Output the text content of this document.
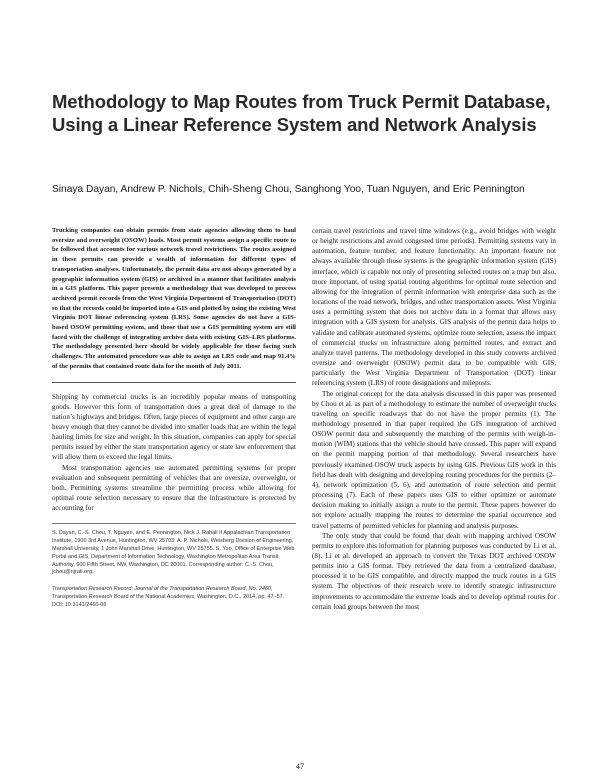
Methodology to Map Routes from Truck Permit Database, Using a Linear Reference System and Network Analysis

Sinaya Dayan, Andrew P. Nichols, Chih-Sheng Chou, Sanghong Yoo, Tuan Nguyen, and Eric Pennington

Trucking companies can obtain permits from state agencies allowing them to haul oversize and overweight (OSOW) loads. Most permit systems assign a specific route to be followed that accounts for various network travel restrictions. The routes assigned in these permits can provide a wealth of information for different types of transportation analyses. Unfortunately, the permit data are not always generated by a geographic information system (GIS) or archived in a manner that facilitates analysis in a GIS platform. This paper presents a methodology that was developed to process archived permit records from the West Virginia Department of Transportation (DOT) so that the records could be imported into a GIS and plotted by using the existing West Virginia DOT linear referencing system (LRS). Some agencies do not have a GIS-based OSOW permitting system, and those that use a GIS permitting system are still faced with the challenge of integrating archive data with existing GIS–LRS platforms. The methodology presented here should be widely applicable for those facing such challenges. The automated procedure was able to assign an LRS code and map 91.4% of the permits that contained route data for the month of July 2011.

Shipping by commercial trucks is an incredibly popular means of transporting goods. However this form of transportation does a great deal of damage to the nation’s highways and bridges. Often, large pieces of equipment and other cargo are heavy enough that they cannot be divided into smaller loads that are within the legal hauling limits for size and weight. In this situation, companies can apply for special permits issued by either the state transportation agency or state law enforcement that will allow them to exceed the legal limits.

Most transportation agencies use automated permitting systems for proper evaluation and subsequent permitting of vehicles that are oversize, overweight, or both. Permitting systems streamline the permitting process while allowing for optimal route selection necessary to ensure that the infrastructure is protected by accounting for

S. Dayan, C.-S. Chou, T. Nguyen, and E. Pennington, Nick J. Rahall II Appalachian Transportation Institute, 1900 3rd Avenue, Huntington, WV 25703. A. P. Nichols, Weisberg Division of Engineering, Marshall University, 1 John Marshall Drive, Huntington, WV 25755. S. Yoo, Office of Enterprise Web Portal and GIS, Department of Information Technology, Washington Metropolitan Area Transit Authority, 600 Fifth Street, NW, Washington, DC 20001. Corresponding author: C.-S. Chou, jchou@njrati.org.

Transportation Research Record: Journal of the Transportation Research Board, No. 2460, Transportation Research Board of the National Academies, Washington, D.C., 2014, pp. 47–57.
DOI: 10.3141/2460-06

certain travel restrictions and travel time windows (e.g., avoid bridges with weight or height restrictions and avoid congested time periods). Permitting systems vary in automation, feature number, and feature functionality. An important feature not always available through those systems is the geographic information system (GIS) interface, which is capable not only of presenting selected routes on a map but also, more important, of using spatial routing algorithms for optimal route selection and allowing for the integration of permit information with enterprise data such as the locations of the road network, bridges, and other transportation assets. West Virginia uses a permitting system that does not archive data in a format that allows easy integration with a GIS system for analysis. GIS analysis of the permit data helps to validate and calibrate automated systems, optimize route selection, assess the impact of commercial trucks on infrastructure along permitted routes, and extract and analyze travel patterns. The methodology developed in this study converts archived oversize and overweight (OSOW) permit data to be compatible with GIS, particularly the West Virginia Department of Transportation (DOT) linear referencing system (LRS) of route designations and mileposts.

The original concept for the data analysis discussed in this paper was presented by Chou et al. as part of a methodology to estimate the number of overweight trucks traveling on specific roadways that do not have the proper permits (1). The methodology presented in that paper required the GIS integration of archived OSOW permit data and subsequently the matching of the permits with weigh-in-motion (WIM) stations that the vehicle should have crossed. This paper will expand on the permit mapping portion of that methodology. Several researchers have previously examined OSOW truck aspects by using GIS. Previous GIS work in this field has dealt with designing and developing routing procedures for the permits (2–4), network optimization (5, 6), and automation of route selection and permit processing (7). Each of these papers uses GIS to either optimize or automate decision making to initially assign a route to the permit. These papers however do not explore actually mapping the routes to determine the spatial occurrence and travel patterns of permitted vehicles for planning and analysis purposes.

The only study that could be found that dealt with mapping archived OSOW permits to explore this information for planning purposes was conducted by Li et al. (8). Li et al. developed an approach to convert the Texas DOT archived OSOW permits into a GIS format. They retrieved the data from a centralized database, processed it to be GIS compatible, and directly mapped the truck routes in a GIS system. The objectives of their research were to identify strategic infrastructure improvements to accommodate the extreme loads and to develop optimal routes for certain load groups between the most

47
